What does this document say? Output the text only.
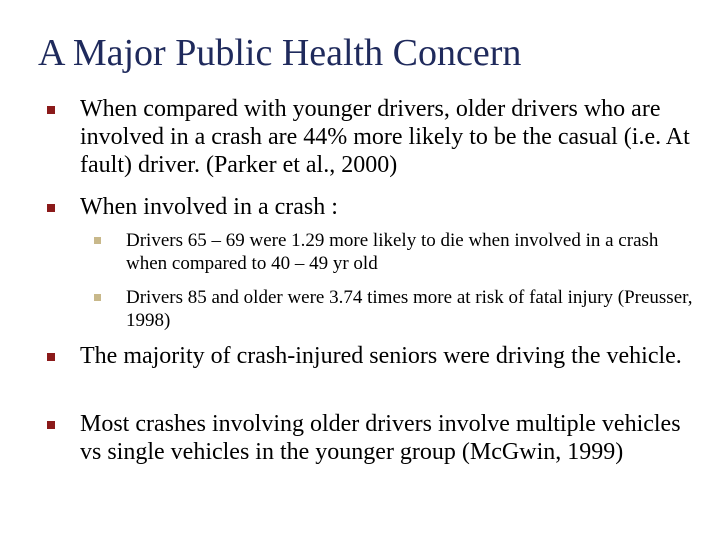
A Major Public Health Concern
When compared with younger drivers, older drivers who are involved in a crash are 44% more likely to be the casual (i.e. At fault) driver. (Parker et al., 2000)
When involved in a crash :
Drivers 65 – 69 were 1.29 more likely to die when involved in a crash when compared to 40 – 49 yr old
Drivers 85 and older were 3.74 times more at risk of fatal injury (Preusser, 1998)
The majority of crash-injured seniors were driving the vehicle.
Most crashes involving older drivers involve multiple vehicles vs single vehicles in the younger group (McGwin, 1999)
